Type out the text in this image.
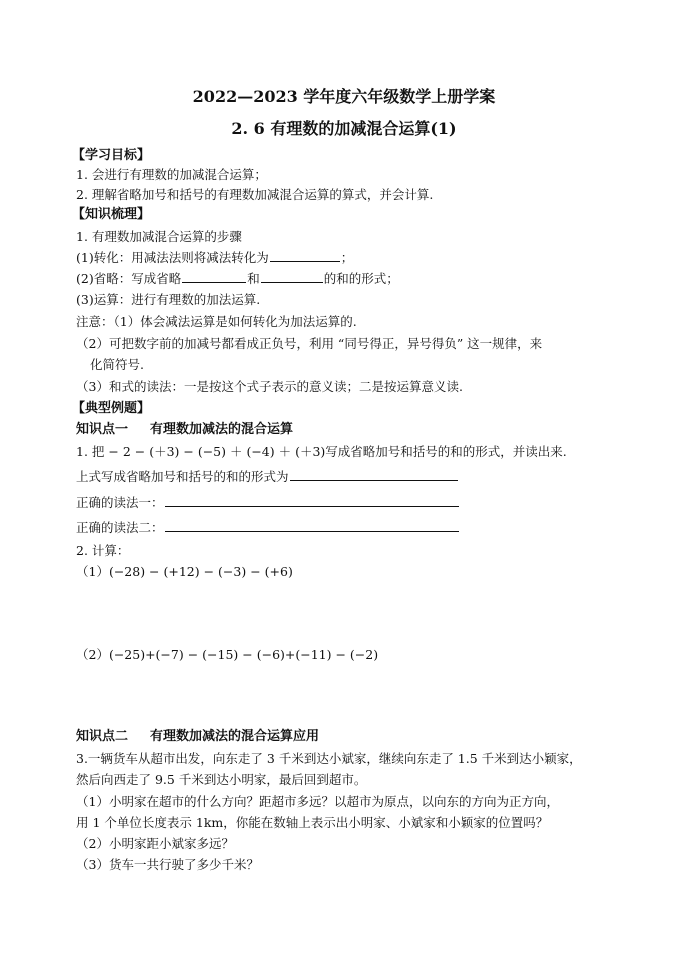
2022—2023 学年度六年级数学上册学案
2. 6 有理数的加减混合运算(1)
【学习目标】
1. 会进行有理数的加减混合运算；
2. 理解省略加号和括号的有理数加减混合运算的算式，并会计算.
【知识梳理】
1. 有理数加减混合运算的步骤
(1)转化：用减法法则将减法转化为	；
(2)省略：写成省略	和	的和的形式；
(3)运算：进行有理数的加法运算.
注意：（1）体会减法运算是如何转化为加法运算的.
（2）可把数字前的加减号都看成正负号，利用 “同号得正，异号得负” 这一规律，来
化简符号.
（3）和式的读法：一是按这个式子表示的意义读；二是按运算意义读.
【典型例题】
知识点一 有理数加减法的混合运算
1. 把 − 2 − (＋3) − (−5) ＋ (−4) ＋ (＋3)写成省略加号和括号的和的形式，并读出来.
上式写成省略加号和括号的和的形式为
正确的读法一：
正确的读法二：
2. 计算：
（1）(−28) − (+12) − (−3) − (+6)
（2）(−25)+(−7) − (−15) − (−6)+(−11) − (−2)
知识点二 有理数加减法的混合运算应用
3.一辆货车从超市出发，向东走了 3 千米到达小斌家，继续向东走了 1.5 千米到达小颖家，
然后向西走了 9.5 千米到达小明家，最后回到超市。
（1）小明家在超市的什么方向？距超市多远？以超市为原点，以向东的方向为正方向，
用 1 个单位长度表示 1km，你能在数轴上表示出小明家、小斌家和小颖家的位置吗？
（2）小明家距小斌家多远？
（3）货车一共行驶了多少千米？
